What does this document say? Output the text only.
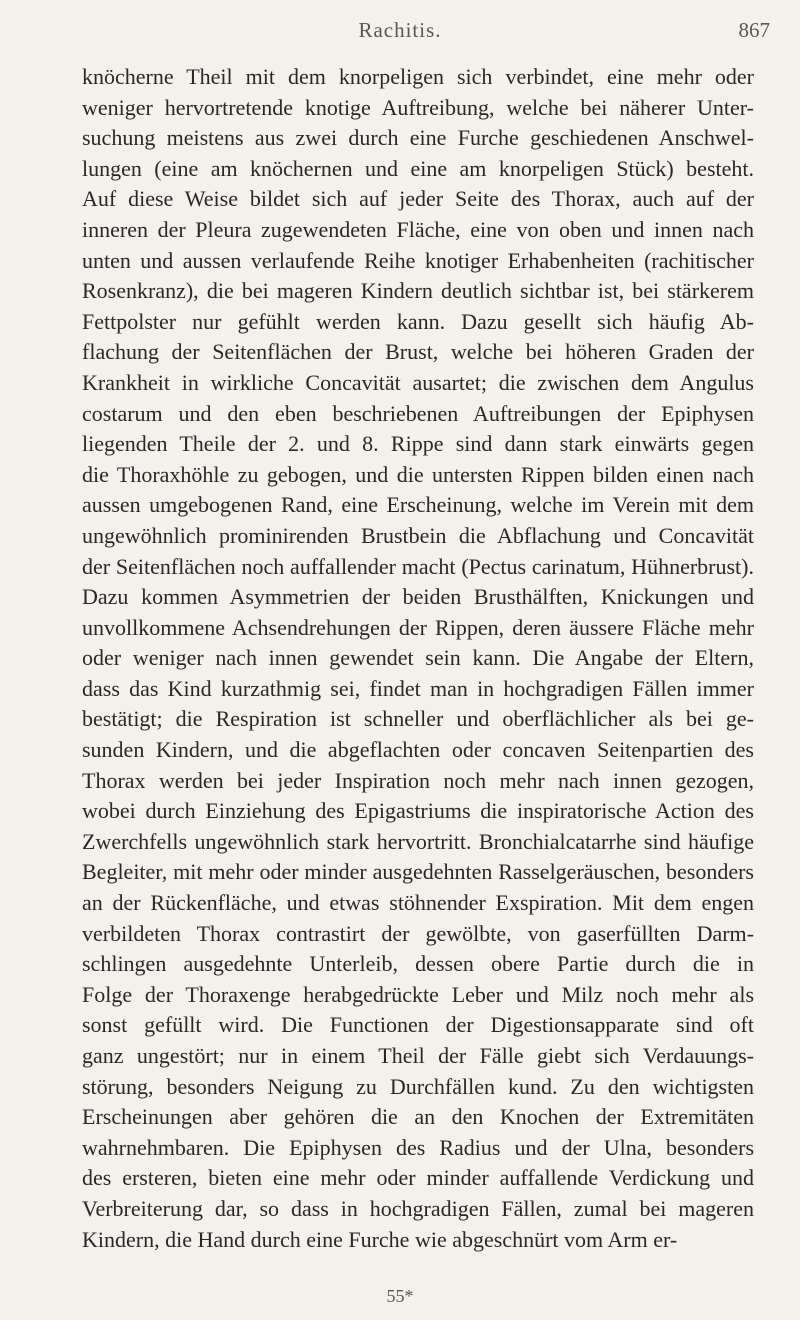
Rachitis.	867
knöcherne Theil mit dem knorpeligen sich verbindet, eine mehr oder
weniger hervortretende knotige Auftreibung, welche bei näherer Unter-
suchung meistens aus zwei durch eine Furche geschiedenen Anschwel-
lungen (eine am knöchernen und eine am knorpeligen Stück) besteht.
Auf diese Weise bildet sich auf jeder Seite des Thorax, auch auf der
inneren der Pleura zugewendeten Fläche, eine von oben und innen nach
unten und aussen verlaufende Reihe knotiger Erhabenheiten (rachitischer
Rosenkranz), die bei mageren Kindern deutlich sichtbar ist, bei stärkerem
Fettpolster nur gefühlt werden kann. Dazu gesellt sich häufig Ab-
flachung der Seitenflächen der Brust, welche bei höheren Graden der
Krankheit in wirkliche Concavität ausartet; die zwischen dem Angulus
costarum und den eben beschriebenen Auftreibungen der Epiphysen
liegenden Theile der 2. und 8. Rippe sind dann stark einwärts gegen
die Thoraxhöhle zu gebogen, und die untersten Rippen bilden einen nach
aussen umgebogenen Rand, eine Erscheinung, welche im Verein mit dem
ungewöhnlich prominirenden Brustbein die Abflachung und Concavität
der Seitenflächen noch auffallender macht (Pectus carinatum, Hühnerbrust).
Dazu kommen Asymmetrien der beiden Brusthälften, Knickungen und
unvollkommene Achsendrehungen der Rippen, deren äussere Fläche mehr
oder weniger nach innen gewendet sein kann. Die Angabe der Eltern,
dass das Kind kurzathmig sei, findet man in hochgradigen Fällen immer
bestätigt; die Respiration ist schneller und oberflächlicher als bei ge-
sunden Kindern, und die abgeflachten oder concaven Seitenpartien des
Thorax werden bei jeder Inspiration noch mehr nach innen gezogen,
wobei durch Einziehung des Epigastriums die inspiratorische Action des
Zwerchfells ungewöhnlich stark hervortritt. Bronchialcatarrhe sind häufige
Begleiter, mit mehr oder minder ausgedehnten Rasselgeräuschen, besonders
an der Rückenfläche, und etwas stöhnender Exspiration. Mit dem engen
verbildeten Thorax contrastirt der gewölbte, von gaserfüllten Darm-
schlingen ausgedehnte Unterleib, dessen obere Partie durch die in
Folge der Thoraxenge herabgedrückte Leber und Milz noch mehr als
sonst gefüllt wird. Die Functionen der Digestionsapparate sind oft
ganz ungestört; nur in einem Theil der Fälle giebt sich Verdauungs-
störung, besonders Neigung zu Durchfällen kund. Zu den wichtigsten
Erscheinungen aber gehören die an den Knochen der Extremitäten
wahrnehmbaren. Die Epiphysen des Radius und der Ulna, besonders
des ersteren, bieten eine mehr oder minder auffallende Verdickung und
Verbreiterung dar, so dass in hochgradigen Fällen, zumal bei mageren
Kindern, die Hand durch eine Furche wie abgeschnürt vom Arm er-
55*
